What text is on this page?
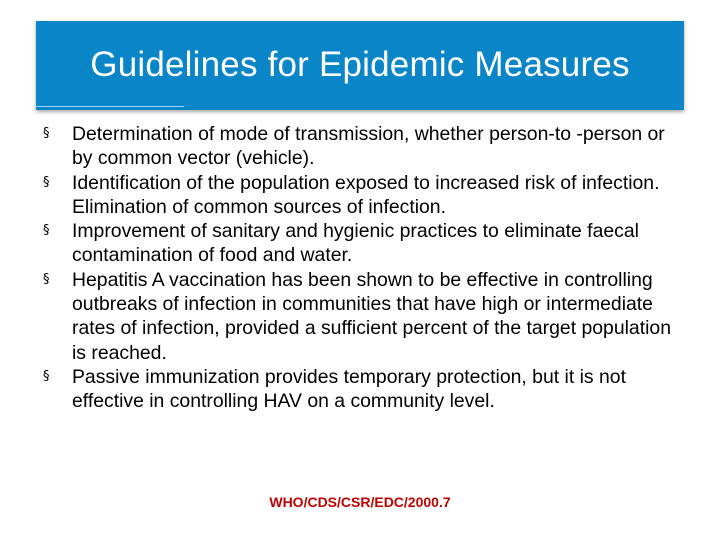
Guidelines for Epidemic Measures
§ Determination of mode of transmission, whether person-to -person or by common vector (vehicle).
§ Identification of the population exposed to increased risk of infection. Elimination of common sources of infection.
§ Improvement of sanitary and hygienic practices to eliminate faecal contamination of food and water.
§ Hepatitis A vaccination has been shown to be effective in controlling outbreaks of infection in communities that have high or intermediate rates of infection, provided a sufficient percent of the target population is reached.
§ Passive immunization provides temporary protection, but it is not effective in controlling HAV on a community level.
WHO/CDS/CSR/EDC/2000.7
